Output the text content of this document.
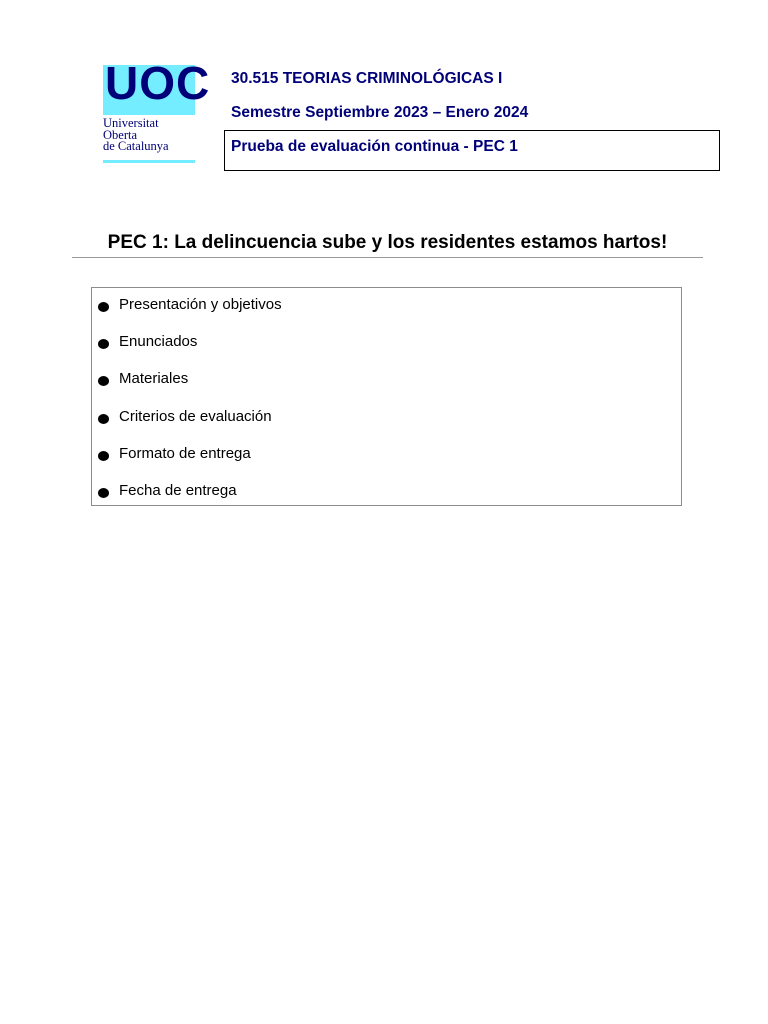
UOC
Universitat
Oberta
de Catalunya
30.515 TEORIAS CRIMINOLÓGICAS I
Semestre Septiembre 2023 – Enero 2024
Prueba de evaluación continua - PEC 1
PEC 1: La delincuencia sube y los residentes estamos hartos!
Presentación y objetivos
Enunciados
Materiales
Criterios de evaluación
Formato de entrega
Fecha de entrega
